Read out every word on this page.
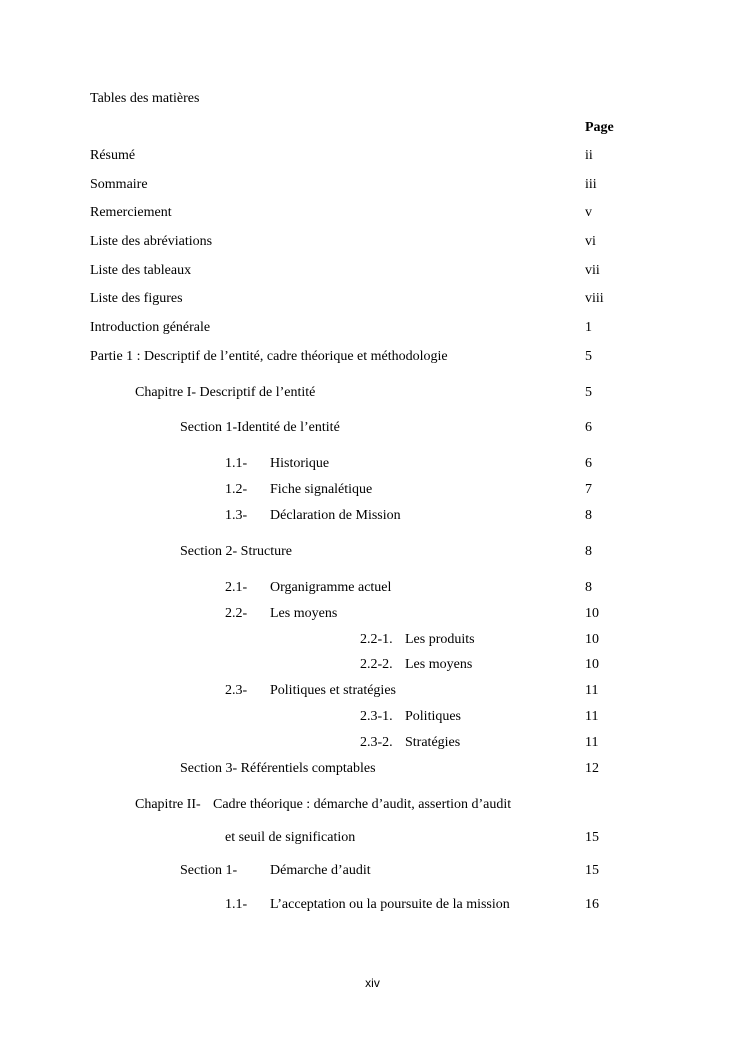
Tables des matières
Page
Résumé	ii
Sommaire	iii
Remerciement	v
Liste des abréviations	vi
Liste des tableaux	vii
Liste des figures	viii
Introduction générale	1
Partie 1 : Descriptif de l’entité, cadre théorique et méthodologie	5
Chapitre I- Descriptif de l’entité	5
Section 1-Identité de l’entité	6
1.1- Historique	6
1.2- Fiche signalétique	7
1.3- Déclaration de Mission	8
Section 2- Structure	8
2.1- Organigramme actuel	8
2.2- Les moyens	10
2.2-1. Les produits	10
2.2-2. Les moyens	10
2.3- Politiques et stratégies	11
2.3-1. Politiques	11
2.3-2. Stratégies	11
Section 3- Référentiels comptables	12
Chapitre II- Cadre théorique : démarche d’audit, assertion d’audit
et seuil de signification	15
Section 1- Démarche d’audit	15
1.1- L’acceptation ou la poursuite de la mission	16
xiv
